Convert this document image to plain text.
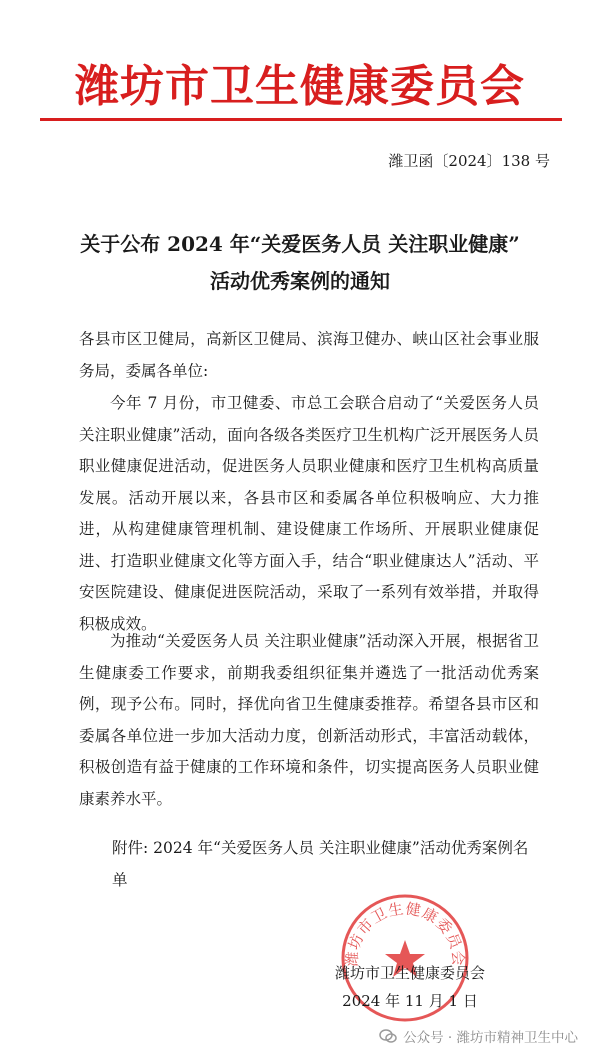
潍坊市卫生健康委员会
潍卫函〔2024〕138 号
关于公布 2024 年“关爱医务人员 关注职业健康”
活动优秀案例的通知
各县市区卫健局，高新区卫健局、滨海卫健办、峡山区社会事业服务局，委属各单位:
今年 7 月份，市卫健委、市总工会联合启动了“关爱医务人员 关注职业健康”活动，面向各级各类医疗卫生机构广泛开展医务人员职业健康促进活动，促进医务人员职业健康和医疗卫生机构高质量发展。活动开展以来，各县市区和委属各单位积极响应、大力推进，从构建健康管理机制、建设健康工作场所、开展职业健康促进、打造职业健康文化等方面入手，结合“职业健康达人”活动、平安医院建设、健康促进医院活动，采取了一系列有效举措，并取得积极成效。
为推动“关爱医务人员 关注职业健康”活动深入开展，根据省卫生健康委工作要求，前期我委组织征集并遴选了一批活动优秀案例，现予公布。同时，择优向省卫生健康委推荐。希望各县市区和委属各单位进一步加大活动力度，创新活动形式，丰富活动载体，积极创造有益于健康的工作环境和条件，切实提高医务人员职业健康素养水平。
附件: 2024 年“关爱医务人员 关注职业健康”活动优秀案例名单
潍坊市卫生健康委员会
潍坊市卫生健康委员会
2024 年 11 月 1 日
公众号 · 潍坊市精神卫生中心
